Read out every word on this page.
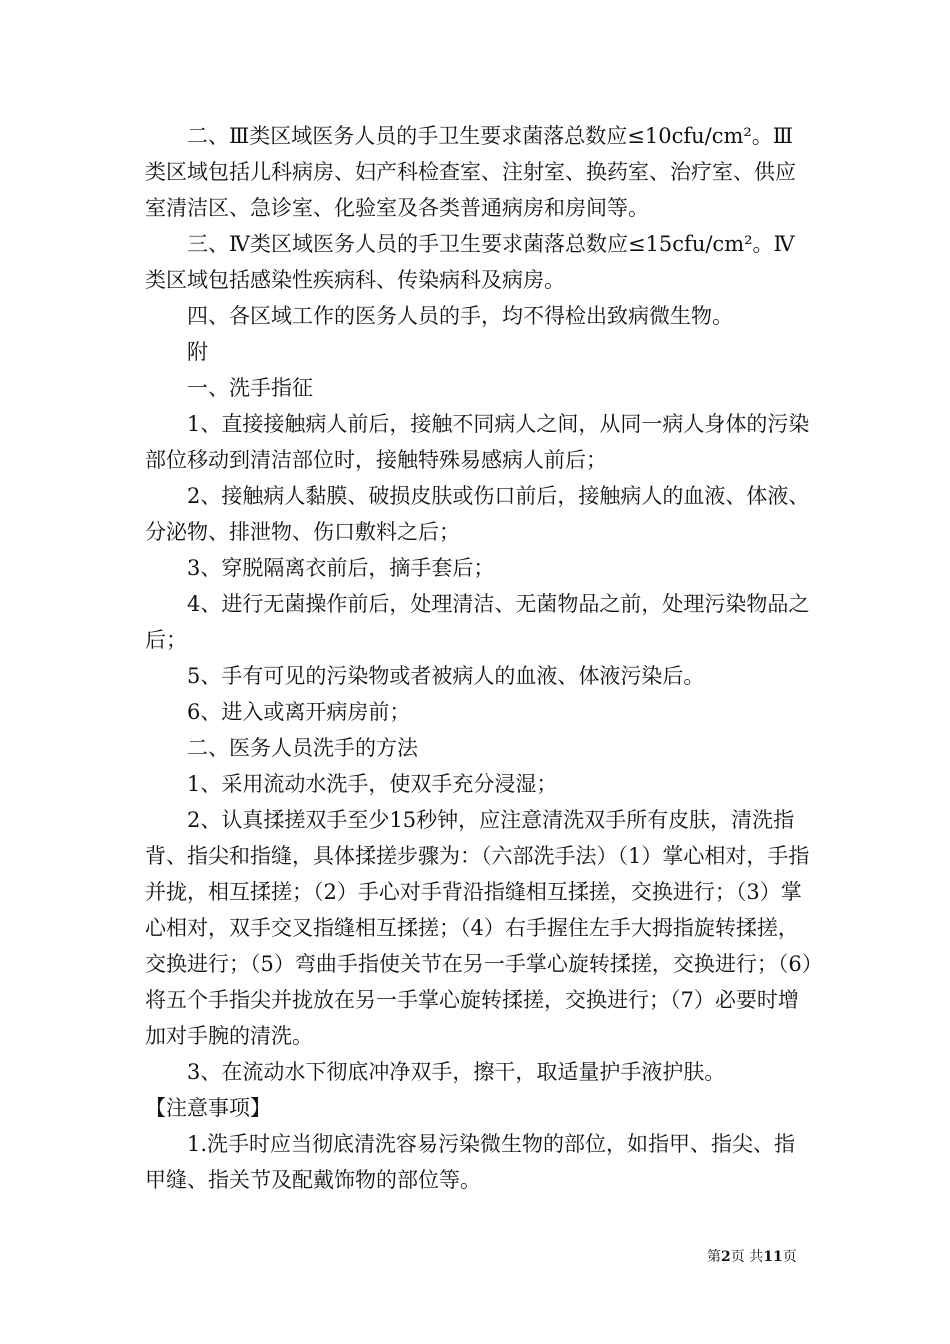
二、Ⅲ类区域医务人员的手卫生要求菌落总数应≤10cfu/cm²。Ⅲ类区域包括儿科病房、妇产科检查室、注射室、换药室、治疗室、供应室清洁区、急诊室、化验室及各类普通病房和房间等。

三、Ⅳ类区域医务人员的手卫生要求菌落总数应≤15cfu/cm²。Ⅳ类区域包括感染性疾病科、传染病科及病房。

四、各区域工作的医务人员的手，均不得检出致病微生物。

附

一、洗手指征

1、直接接触病人前后，接触不同病人之间，从同一病人身体的污染部位移动到清洁部位时，接触特殊易感病人前后；

2、接触病人黏膜、破损皮肤或伤口前后，接触病人的血液、体液、分泌物、排泄物、伤口敷料之后；

3、穿脱隔离衣前后，摘手套后；

4、进行无菌操作前后，处理清洁、无菌物品之前，处理污染物品之后；

5、手有可见的污染物或者被病人的血液、体液污染后。

6、进入或离开病房前；

二、医务人员洗手的方法

1、采用流动水洗手，使双手充分浸湿；

2、认真揉搓双手至少15秒钟，应注意清洗双手所有皮肤，清洗指背、指尖和指缝，具体揉搓步骤为：（六部洗手法）（1）掌心相对，手指并拢，相互揉搓；（2）手心对手背沿指缝相互揉搓，交换进行；（3）掌心相对，双手交叉指缝相互揉搓；（4）右手握住左手大拇指旋转揉搓，交换进行；（5）弯曲手指使关节在另一手掌心旋转揉搓，交换进行；（6）将五个手指尖并拢放在另一手掌心旋转揉搓，交换进行；（7）必要时增加对手腕的清洗。

3、在流动水下彻底冲净双手，擦干，取适量护手液护肤。

【注意事项】

1.洗手时应当彻底清洗容易污染微生物的部位，如指甲、指尖、指甲缝、指关节及配戴饰物的部位等。

第2页 共11页
